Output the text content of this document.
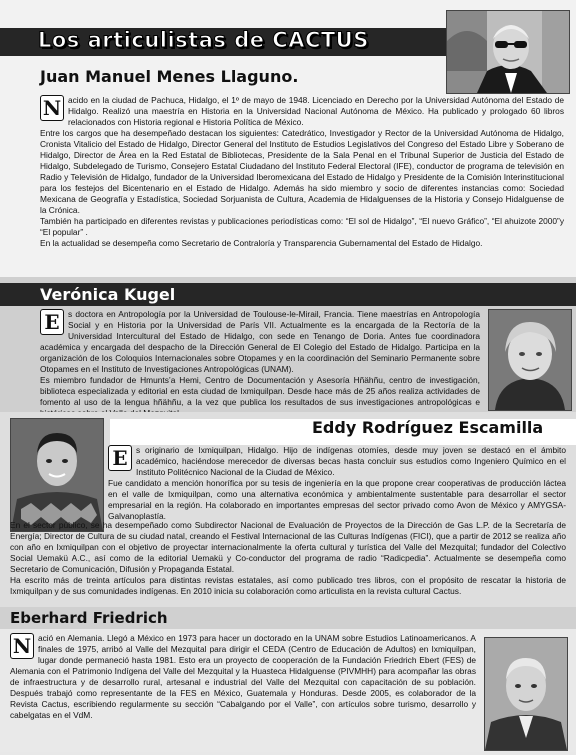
Los articulistas de CACTUS
Juan Manuel Menes Llaguno.
N acido en la ciudad de Pachuca, Hidalgo, el 1º de mayo de 1948. Licenciado en Derecho por la Universidad Autónoma del Estado de Hidalgo. Realizó una maestría en Historia en la Universidad Nacional Autónoma de México. Ha publicado y prologado 60 libros relacionados con Historia regional e Historia Política de México.

Entre los cargos que ha desempeñado destacan los siguientes: Catedrático, Investigador y Rector de la Universidad Autónoma de Hidalgo, Cronista Vitalicio del Estado de Hidalgo, Director General del Instituto de Estudios Legislativos del Congreso del Estado Libre y Soberano de Hidalgo, Director de Área en la Red Estatal de Bibliotecas, Presidente de la Sala Penal en el Tribunal Superior de Justicia del Estado de Hidalgo, Subdelegado de Turismo, Consejero Estatal Ciudadano del Instituto Federal Electoral (IFE), conductor de programa de televisión en Radio y Televisión de Hidalgo, fundador de la Universidad Iberomexicana del Estado de Hidalgo y Presidente de la Comisión Interinstitucional para los festejos del Bicentenario en el Estado de Hidalgo. Además ha sido miembro y socio de diferentes instancias como: Sociedad Mexicana de Geografía y Estadística, Sociedad Sorjuanista de Cultura, Academia de Hidalguenses de la Historia y Consejo Hidalguense de la Crónica.

También ha participado en diferentes revistas y publicaciones periodísticas como: “El sol de Hidalgo”, “El nuevo Gráfico”, “El ahuizote 2000”y “El popular” .

En la actualidad se desempeña como Secretario de Contraloría y Transparencia Gubernamental del Estado de Hidalgo.

Verónica Kugel
E	s doctora en Antropología por la Universidad de Toulouse-le-Mirail, Francia. Tiene maestrías en Antropología Social y en Historia por la Universidad de París VII. Actualmente es la encargada de la Rectoría de la Universidad Intercultural del Estado de Hidalgo, con sede en Tenango de Doria. Antes fue coordinadora académica y encargada del despacho de la Dirección General de El Colegio del Estado de Hidalgo. Participa en la organización de los Coloquios Internacionales sobre Otopames y en la coordinación del Seminario Permanente sobre Otopames en el Instituto de Investigaciones Antropológicas (UNAM).

Es miembro fundador de Hmunts’a Hemi, Centro de Documentación y Asesoría Hñähñu, centro de investigación, biblioteca especializada y editorial en esta ciudad de Ixmiquilpan. Desde hace más de 25 años realiza actividades de fomento al uso de la lengua hñähñu, a la vez que publica los resultados de sus investigaciones antropológicas e

Eddy Rodríguez Escamilla
E	s originario de Ixmiquilpan, Hidalgo. Hijo de indígenas otomíes, desde muy joven se destacó en el ámbito académico, haciéndose merecedor de diversas becas hasta concluir sus estudios como Ingeniero Químico en el Instituto Politécnico Nacional de la Ciudad de México.

Fue candidato a mención honorífica por su tesis de ingeniería en la que propone crear cooperativas de producción láctea en el valle de Ixmiquilpan, como una alternativa económica y ambientalmente sustentable para desarrollar el sector empresarial en la región. Ha colaborado en importantes empresas del sector privado como Avon de México y AMYGSA-Galvanoplastía.

En el sector público, se ha desempeñado como Subdirector Nacional de Evaluación de Proyectos de la Dirección de Gas L.P. de la Secretaría de Energía; Director de Cultura de su ciudad natal, creando el Festival Internacional de las Culturas Indígenas (FICI), que a partir de 2012 se realiza año con año en Ixmiquilpan con el objetivo de proyectar internacionalmente la oferta cultural y turística del Valle del Mezquital; fundador del Colectivo Social Uemakü A.C., así como de la editorial Uemakü y Co-conductor del programa de radio “Radicpedia”. Actualmente se desempeña como Secretario de Comunicación, Difusión y Propaganda Estatal.

Ha escrito más de treinta artículos para distintas revistas estatales, así como publicado tres libros, con el propósito de rescatar la historia de Ixmiquilpan y de sus comunidades indígenas. En 2010 inicia su colaboración como articulista en la revista cultural Cactus.

Eberhard Friedrich
N ació en Alemania. Llegó a México en 1973 para hacer un doctorado en la UNAM sobre Estudios Latinoamericanos. A finales de 1975, arribó al Valle del Mezquital para dirigir el CEDA (Centro de Educación de Adultos) en Ixmiquilpan, lugar donde permaneció hasta 1981. Esto era un proyecto de cooperación de la Fundación Friedrich Ebert (FES) de Alemania con el Patrimonio Indígena del Valle del Mezquital y la Huasteca Hidalguense (PIVMHH) para acompañar las obras de infraestructura y de desarrollo rural, artesanal e industrial del Valle del Mezquital con capacitación de su población. Después trabajó como representante de la FES en México, Guatemala y Honduras. Desde 2005, es colaborador de la Revista Cactus, escribiendo regularmente su sección “Cabalgando por el Valle”, con artículos sobre turismo, desarrollo y cabelgatas en el VdM.
